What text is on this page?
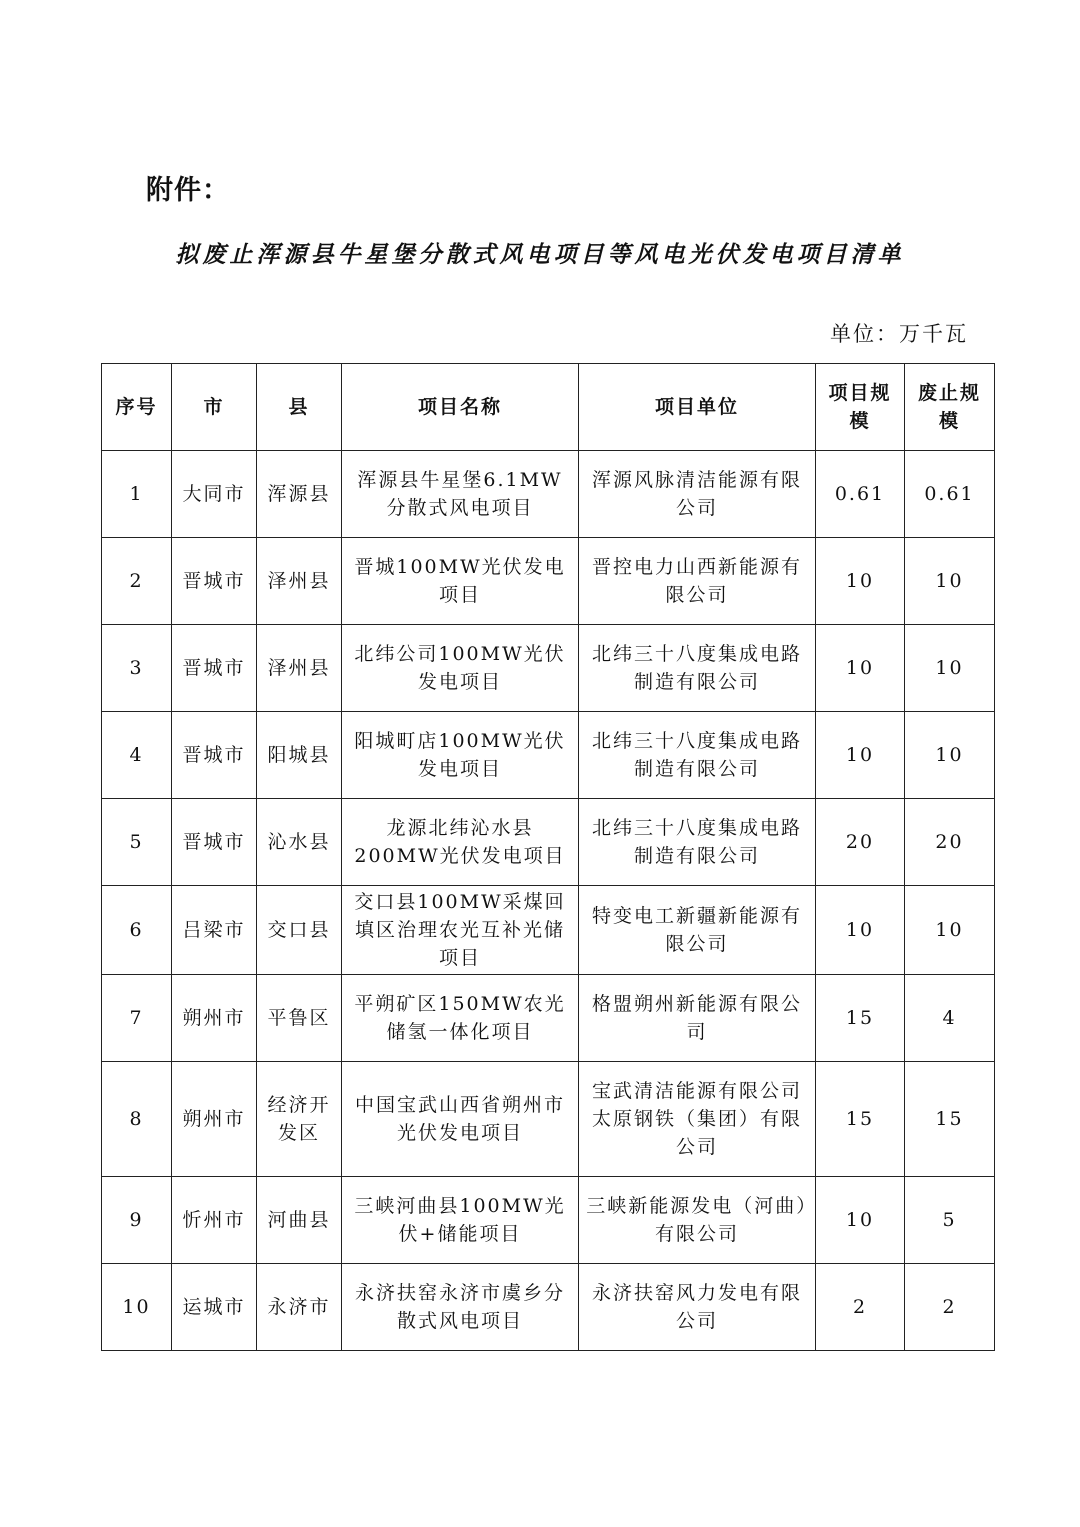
附件：
拟废止浑源县牛星堡分散式风电项目等风电光伏发电项目清单
单位：万千瓦
序号	市	县	项目名称	项目单位	项目规模	废止规模
1	大同市	浑源县	浑源县牛星堡6.1MW分散式风电项目	浑源风脉清洁能源有限公司	0.61	0.61
2	晋城市	泽州县	晋城100MW光伏发电项目	晋控电力山西新能源有限公司	10	10
3	晋城市	泽州县	北纬公司100MW光伏发电项目	北纬三十八度集成电路制造有限公司	10	10
4	晋城市	阳城县	阳城町店100MW光伏发电项目	北纬三十八度集成电路制造有限公司	10	10
5	晋城市	沁水县	龙源北纬沁水县200MW光伏发电项目	北纬三十八度集成电路制造有限公司	20	20
6	吕梁市	交口县	交口县100MW采煤回填区治理农光互补光储项目	特变电工新疆新能源有限公司	10	10
7	朔州市	平鲁区	平朔矿区150MW农光储氢一体化项目	格盟朔州新能源有限公司	15	4
8	朔州市	经济开发区	中国宝武山西省朔州市光伏发电项目	宝武清洁能源有限公司
太原钢铁（集团）有限公司	15	15
9	忻州市	河曲县	三峡河曲县100MW光伏+储能项目	三峡新能源发电（河曲）有限公司	10	5
10	运城市	永济市	永济扶窑永济市虞乡分散式风电项目	永济扶窑风力发电有限公司	2	2
